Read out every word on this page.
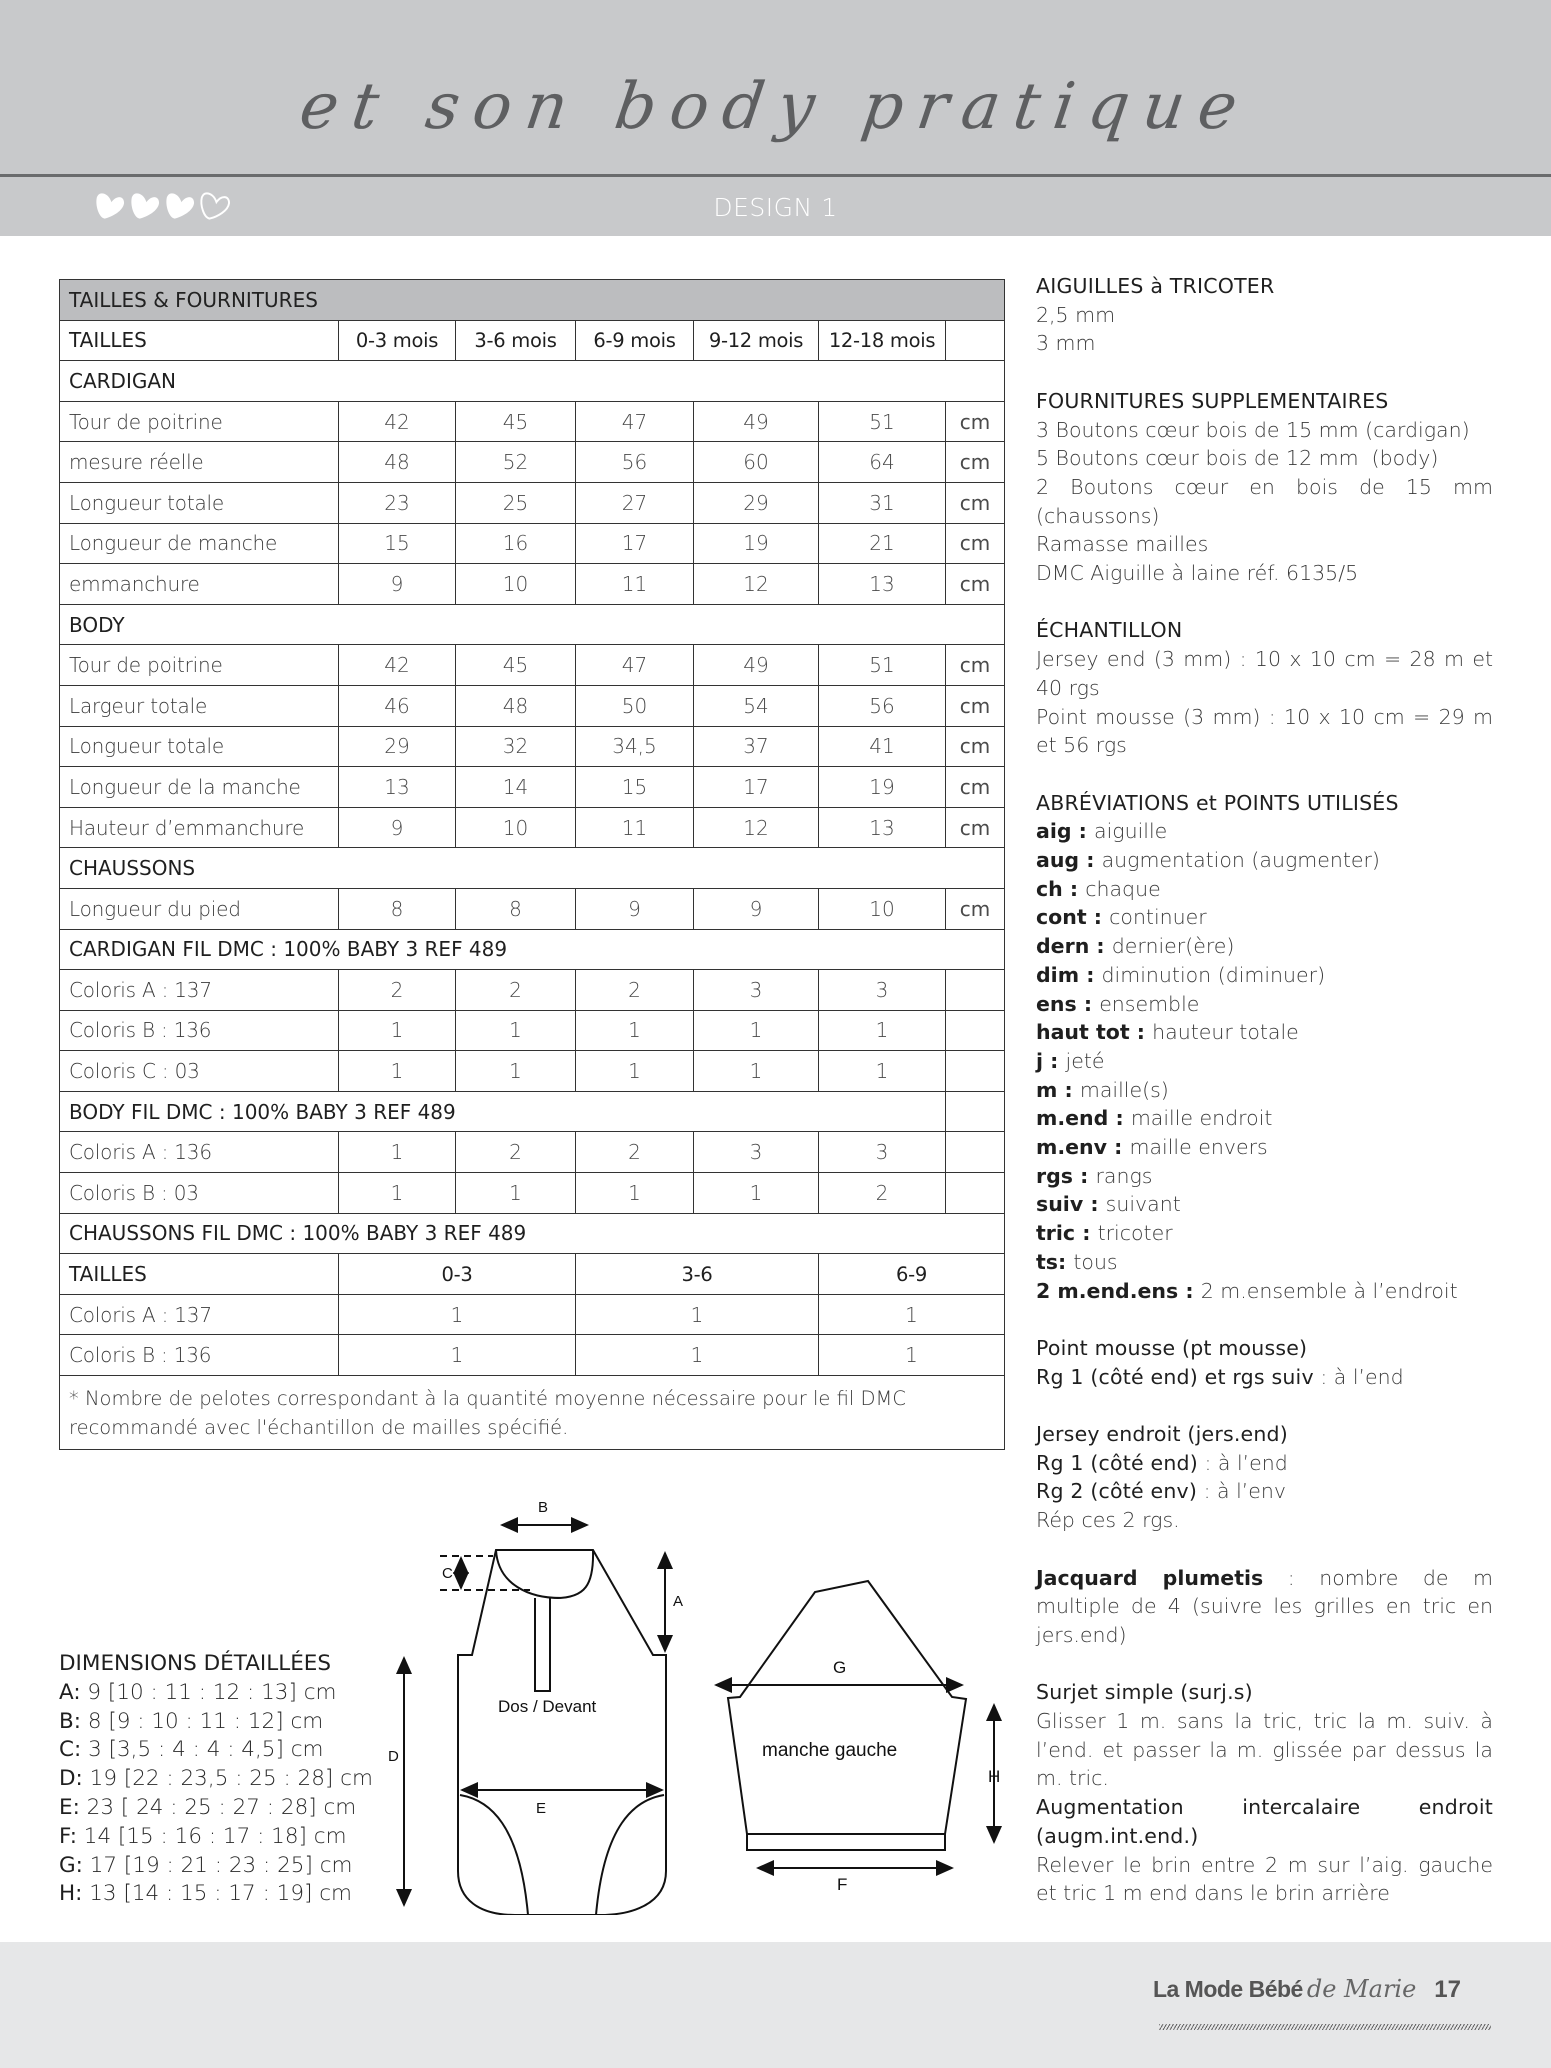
et son body pratique
DESIGN 1
TAILLES & FOURNITURES						
TAILLES	0-3 mois	3-6 mois	6-9 mois	9-12 mois	12-18 mois	
CARDIGAN						
Tour de poitrine	42	45	47	49	51	cm
mesure réelle	48	52	56	60	64	cm
Longueur totale	23	25	27	29	31	cm
Longueur de manche	15	16	17	19	21	cm
emmanchure	9	10	11	12	13	cm
BODY						
Tour de poitrine	42	45	47	49	51	cm
Largeur totale	46	48	50	54	56	cm
Longueur totale	29	32	34,5	37	41	cm
Longueur de la manche	13	14	15	17	19	cm
Hauteur d’emmanchure	9	10	11	12	13	cm
CHAUSSONS						
Longueur du pied	8	8	9	9	10	cm
CARDIGAN FIL DMC : 100% BABY 3 REF 489						
Coloris A : 137	2	2	2	3	3	
Coloris B : 136	1	1	1	1	1	
Coloris C : 03	1	1	1	1	1	
BODY FIL DMC : 100% BABY 3 REF 489						
Coloris A : 136	1	2	2	3	3	
Coloris B : 03	1	1	1	1	2	
CHAUSSONS FIL DMC : 100% BABY 3 REF 489						
TAILLES	0-3		3-6		6-9	
Coloris A : 137	1		1		1	
Coloris B : 136	1		1		1	
* Nombre de pelotes correspondant à la quantité moyenne nécessaire pour le fil DMC recommandé avec l'échantillon de mailles spécifié.						
AIGUILLES à TRICOTER
2,5 mm
3 mm
FOURNITURES SUPPLEMENTAIRES
3 Boutons cœur bois de 15 mm (cardigan)
5 Boutons cœur bois de 12 mm  (body)
2 Boutons cœur en bois de 15 mm (chaussons)
Ramasse mailles
DMC Aiguille à laine réf. 6135/5
ÉCHANTILLON
Jersey end (3 mm) : 10 x 10 cm = 28 m et 40 rgs
Point mousse (3 mm) : 10 x 10 cm = 29 m et 56 rgs
ABRÉVIATIONS et POINTS UTILISÉS
aig : aiguille
aug : augmentation (augmenter)
ch : chaque
cont : continuer
dern : dernier(ère)
dim : diminution (diminuer)
ens : ensemble
haut tot : hauteur totale
j : jeté
m : maille(s)
m.end : maille endroit
m.env : maille envers
rgs : rangs
suiv : suivant
tric : tricoter
ts: tous
2 m.end.ens : 2 m.ensemble à l’endroit
Point mousse (pt mousse)
Rg 1 (côté end) et rgs suiv : à l’end
Jersey endroit (jers.end)
Rg 1 (côté end) : à l’end
Rg 2 (côté env) : à l’env
Rép ces 2 rgs.
Jacquard plumetis : nombre de m multiple de 4 (suivre les grilles en tric en jers.end)
Surjet simple (surj.s)
Glisser 1 m. sans la tric, tric la m. suiv. à l’end. et passer la m. glissée par dessus la m. tric.
Augmentation intercalaire endroit
(augm.int.end.)
Relever le brin entre 2 m sur l’aig. gauche et tric 1 m end dans le brin arrière
DIMENSIONS DÉTAILLÉES
A: 9 [10 : 11 : 12 : 13] cm
B: 8 [9 : 10 : 11 : 12] cm
C: 3 [3,5 : 4 : 4 : 4,5] cm
D: 19 [22 : 23,5 : 25 : 28] cm
E: 23 [ 24 : 25 : 27 : 28] cm
F: 14 [15 : 16 : 17 : 18] cm
G: 17 [19 : 21 : 23 : 25] cm
H: 13 [14 : 15 : 17 : 19] cm
B
C
A
D
E
Dos / Devant
G
H
F
manche gauche
La Mode Bébé de Marie 17
